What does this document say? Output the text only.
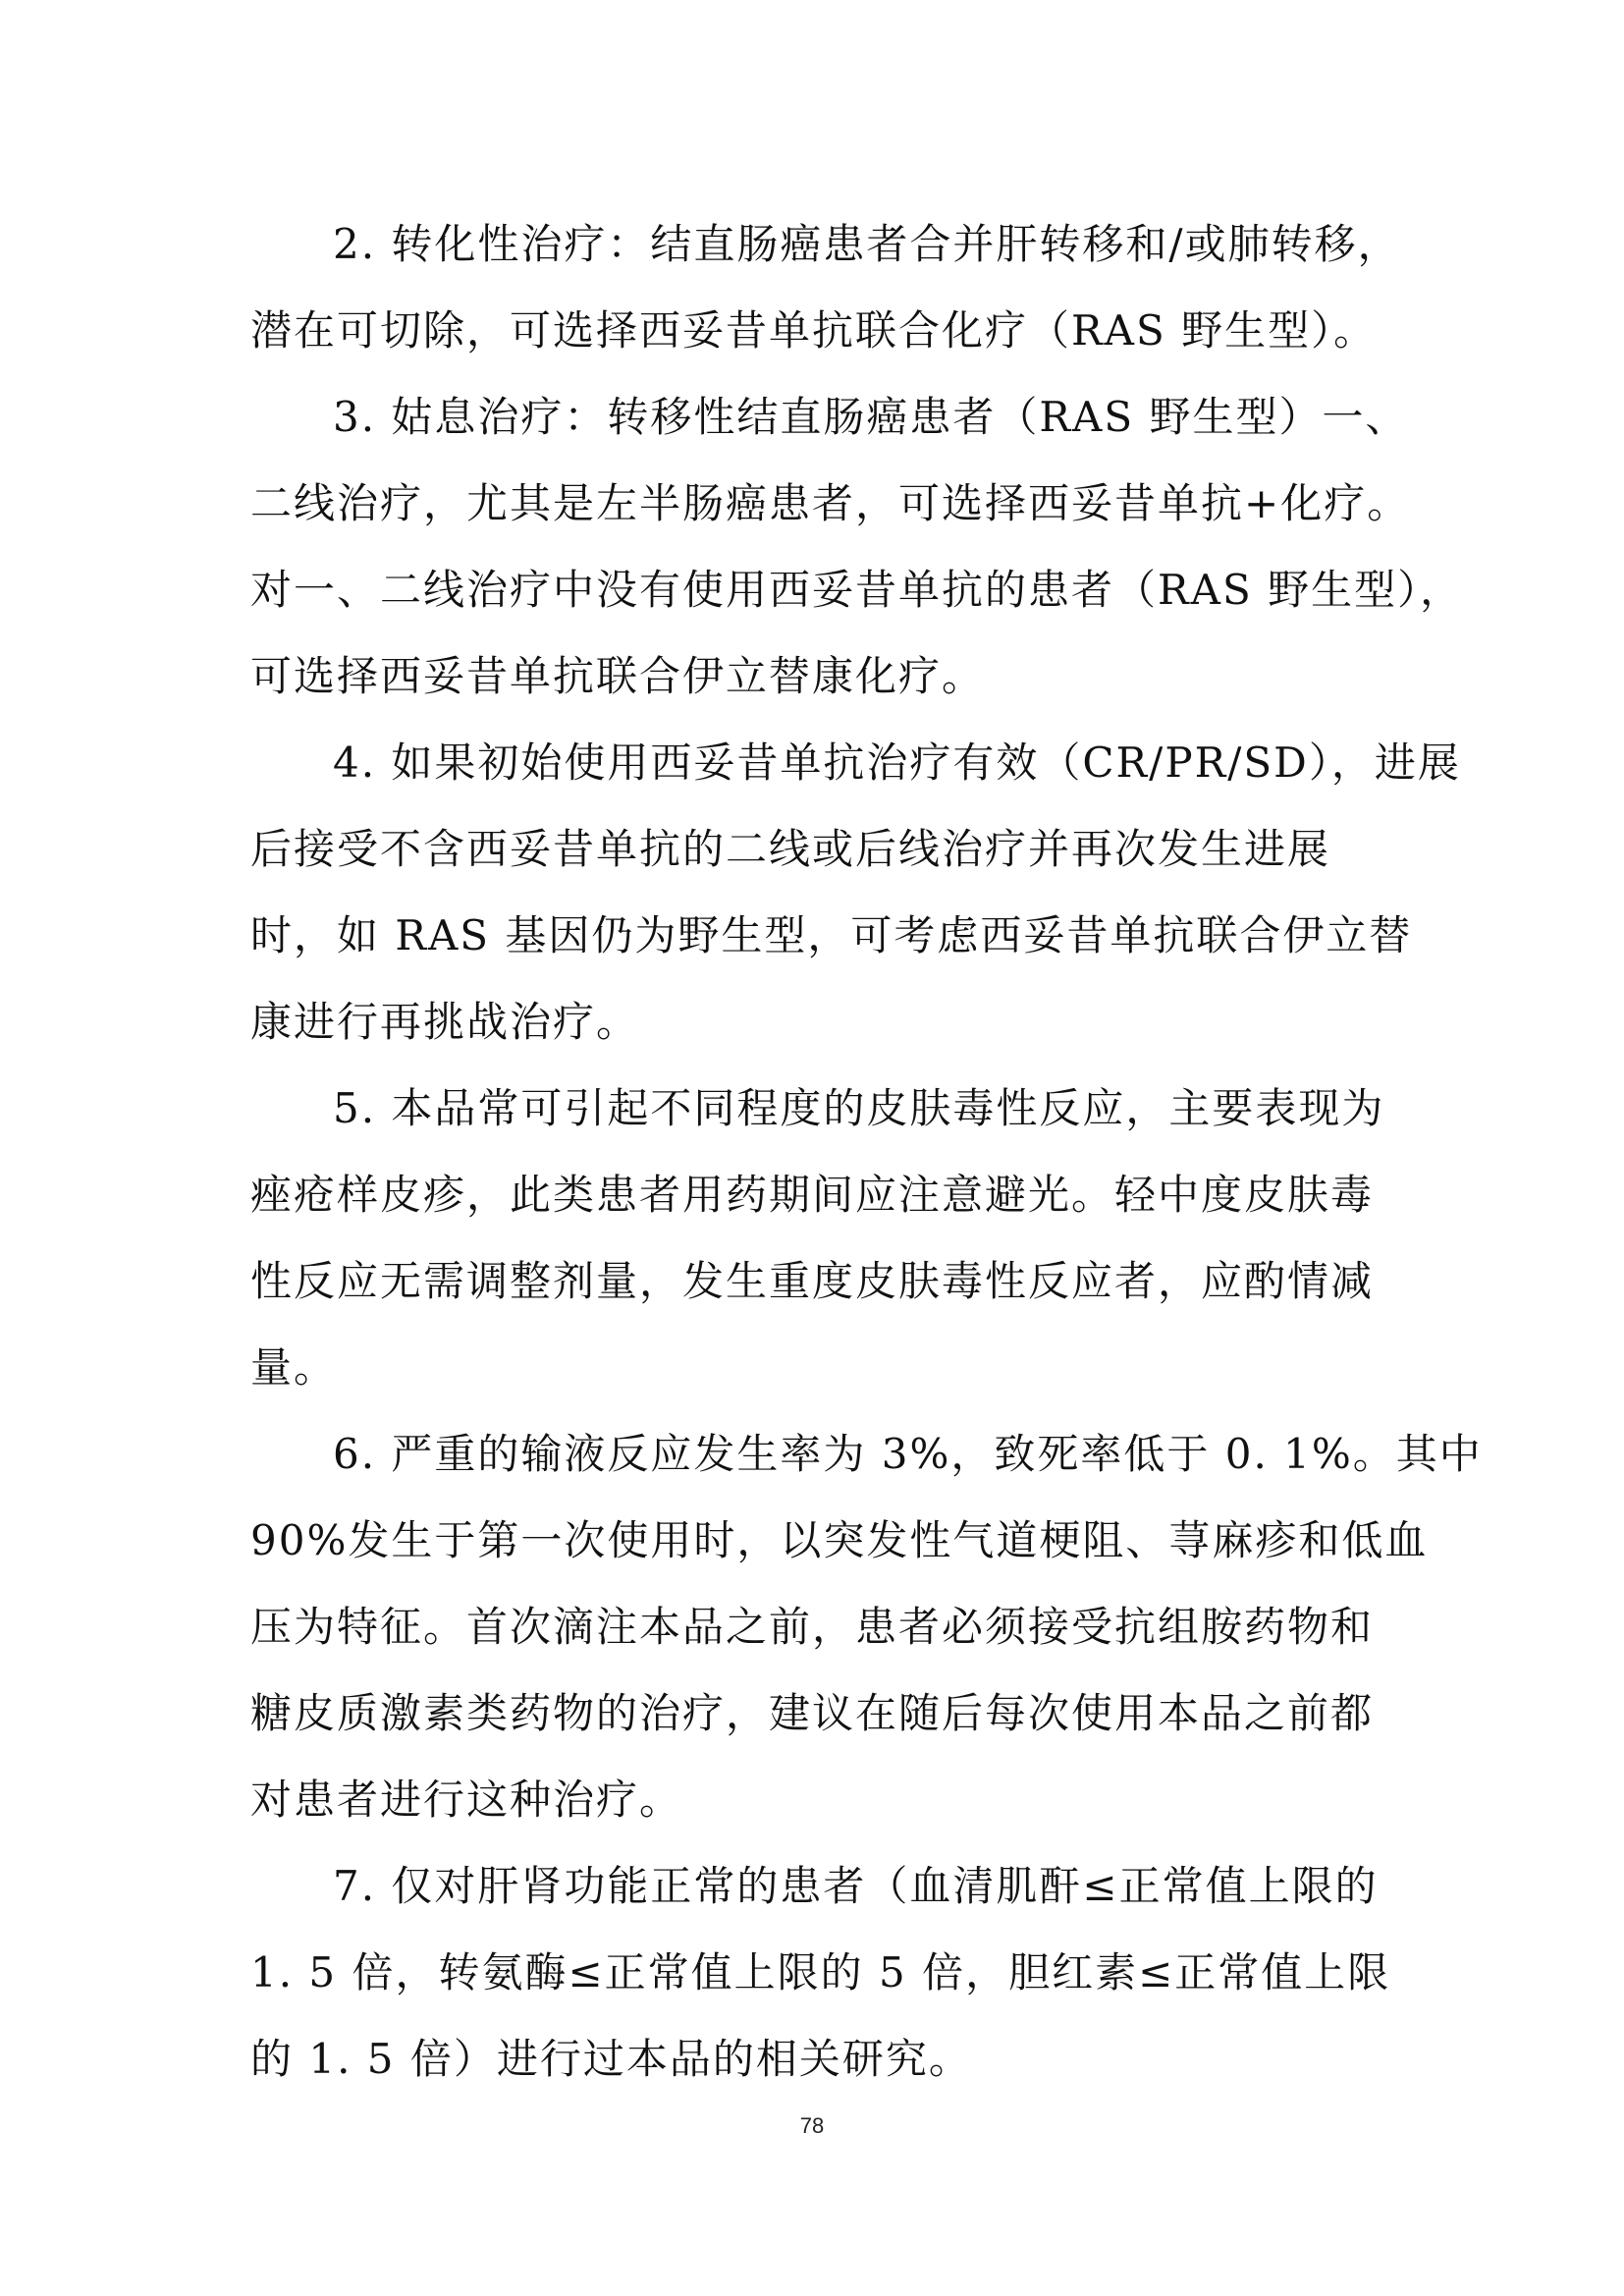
2. 转化性治疗：结直肠癌患者合并肝转移和/或肺转移，
潜在可切除，可选择西妥昔单抗联合化疗（RAS 野生型）。
3. 姑息治疗：转移性结直肠癌患者（RAS 野生型）一、
二线治疗，尤其是左半肠癌患者，可选择西妥昔单抗+化疗。
对一、二线治疗中没有使用西妥昔单抗的患者（RAS 野生型），
可选择西妥昔单抗联合伊立替康化疗。
4. 如果初始使用西妥昔单抗治疗有效（CR/PR/SD），进展
后接受不含西妥昔单抗的二线或后线治疗并再次发生进展
时，如 RAS 基因仍为野生型，可考虑西妥昔单抗联合伊立替
康进行再挑战治疗。
5. 本品常可引起不同程度的皮肤毒性反应，主要表现为
痤疮样皮疹，此类患者用药期间应注意避光。轻中度皮肤毒
性反应无需调整剂量，发生重度皮肤毒性反应者，应酌情减
量。
6. 严重的输液反应发生率为 3%，致死率低于 0. 1%。其中
90%发生于第一次使用时，以突发性气道梗阻、荨麻疹和低血
压为特征。首次滴注本品之前，患者必须接受抗组胺药物和
糖皮质激素类药物的治疗，建议在随后每次使用本品之前都
对患者进行这种治疗。
7. 仅对肝肾功能正常的患者（血清肌酐≤正常值上限的
1. 5 倍，转氨酶≤正常值上限的 5 倍，胆红素≤正常值上限
的 1. 5 倍）进行过本品的相关研究。
78
